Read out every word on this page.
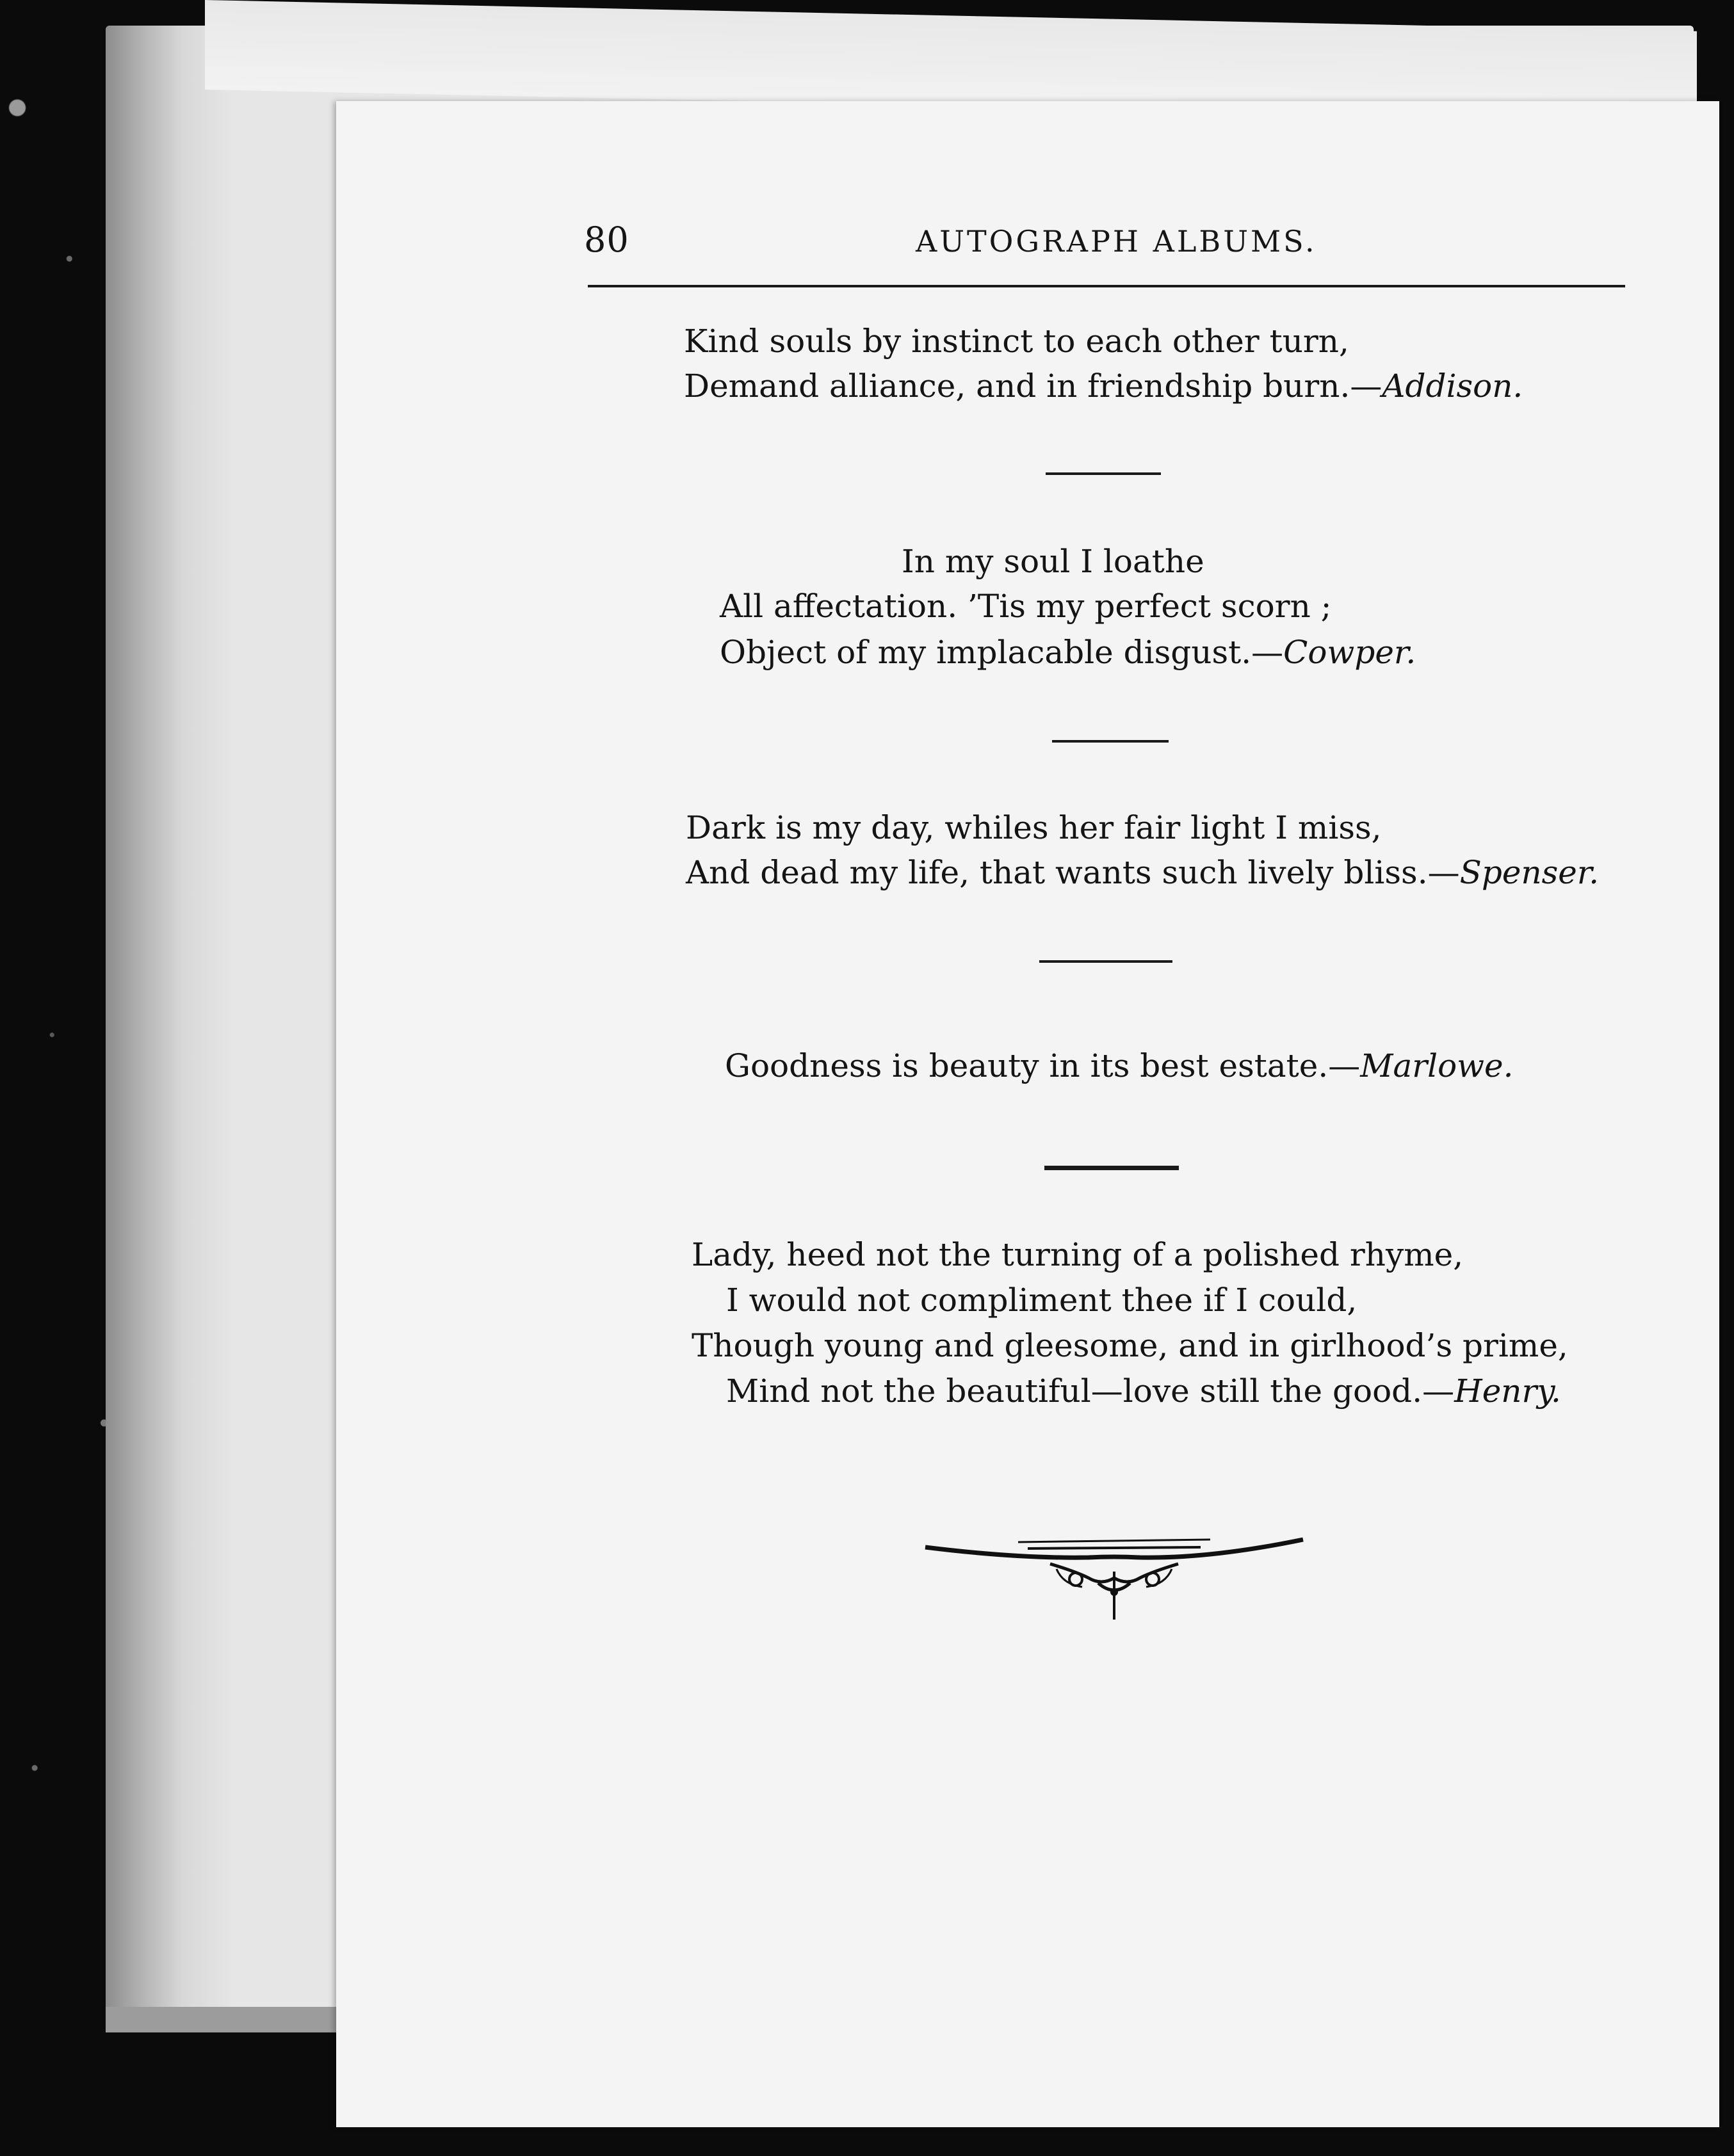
80	AUTOGRAPH ALBUMS.
Kind souls by instinct to each other turn,
Demand alliance, and in friendship burn.—Addison.
In my soul I loathe
All affectation. ’Tis my perfect scorn ;
Object of my implacable disgust.—Cowper.
Dark is my day, whiles her fair light I miss,
And dead my life, that wants such lively bliss.—Spenser.
Goodness is beauty in its best estate.—Marlowe.
Lady, heed not the turning of a polished rhyme,
I would not compliment thee if I could,
Though young and gleesome, and in girlhood’s prime,
Mind not the beautiful—love still the good.—Henry.
